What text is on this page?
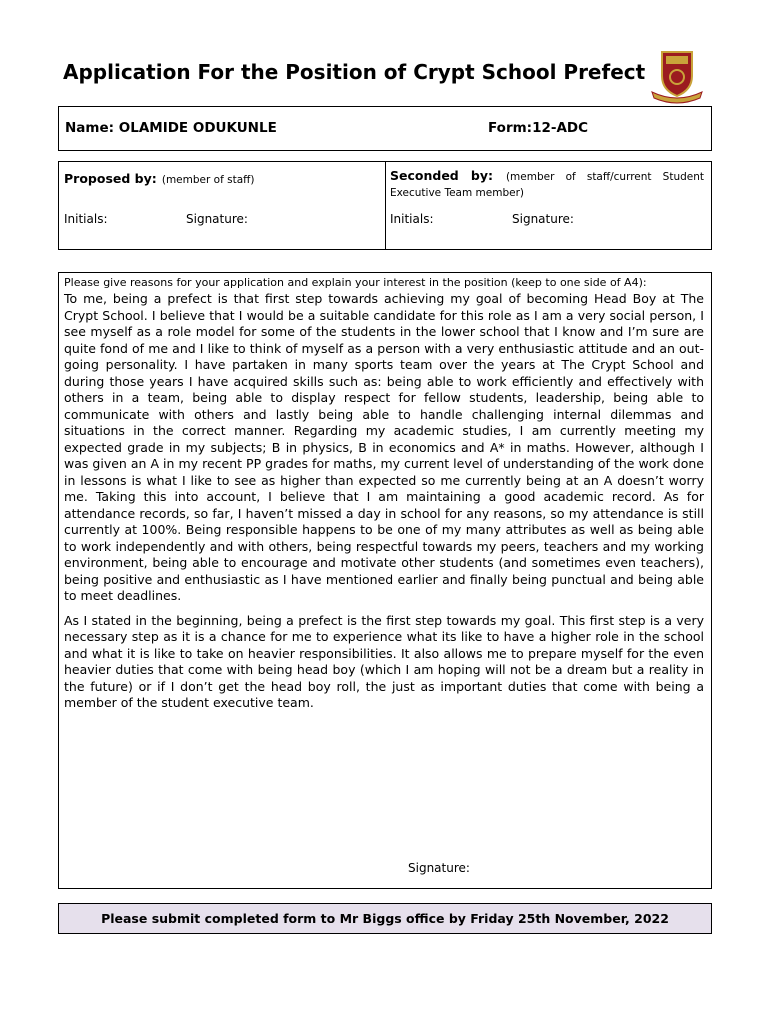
Application For the Position of Crypt School Prefect
Name: OLAMIDE ODUKUNLE	Form:12-ADC
Proposed by: (member of staff)
Initials:	Signature:
Seconded by: (member of staff/current Student Executive Team member)
Initials:	Signature:
Please give reasons for your application and explain your interest in the position (keep to one side of A4):

To me, being a prefect is that first step towards achieving my goal of becoming Head Boy at The Crypt School. I believe that I would be a suitable candidate for this role as I am a very social person, I see myself as a role model for some of the students in the lower school that I know and I’m sure are quite fond of me and I like to think of myself as a person with a very enthusiastic attitude and an out-going personality. I have partaken in many sports team over the years at The Crypt School and during those years I have acquired skills such as: being able to work efficiently and effectively with others in a team, being able to display respect for fellow students, leadership, being able to communicate with others and lastly being able to handle challenging internal dilemmas and situations in the correct manner. Regarding my academic studies, I am currently meeting my expected grade in my subjects; B in physics, B in economics and A* in maths. However, although I was given an A in my recent PP grades for maths, my current level of understanding of the work done in lessons is what I like to see as higher than expected so me currently being at an A doesn’t worry me. Taking this into account, I believe that I am maintaining a good academic record. As for attendance records, so far, I haven’t missed a day in school for any reasons, so my attendance is still currently at 100%. Being responsible happens to be one of my many attributes as well as being able to work independently and with others, being respectful towards my peers, teachers and my working environment, being able to encourage and motivate other students (and sometimes even teachers), being positive and enthusiastic as I have mentioned earlier and finally being punctual and being able to meet deadlines.

As I stated in the beginning, being a prefect is the first step towards my goal. This first step is a very necessary step as it is a chance for me to experience what its like to have a higher role in the school and what it is like to take on heavier responsibilities. It also allows me to prepare myself for the even heavier duties that come with being head boy (which I am hoping will not be a dream but a reality in the future) or if I don’t get the head boy roll, the just as important duties that come with being a member of the student executive team.

Signature:
Please submit completed form to Mr Biggs office by Friday 25th November, 2022
